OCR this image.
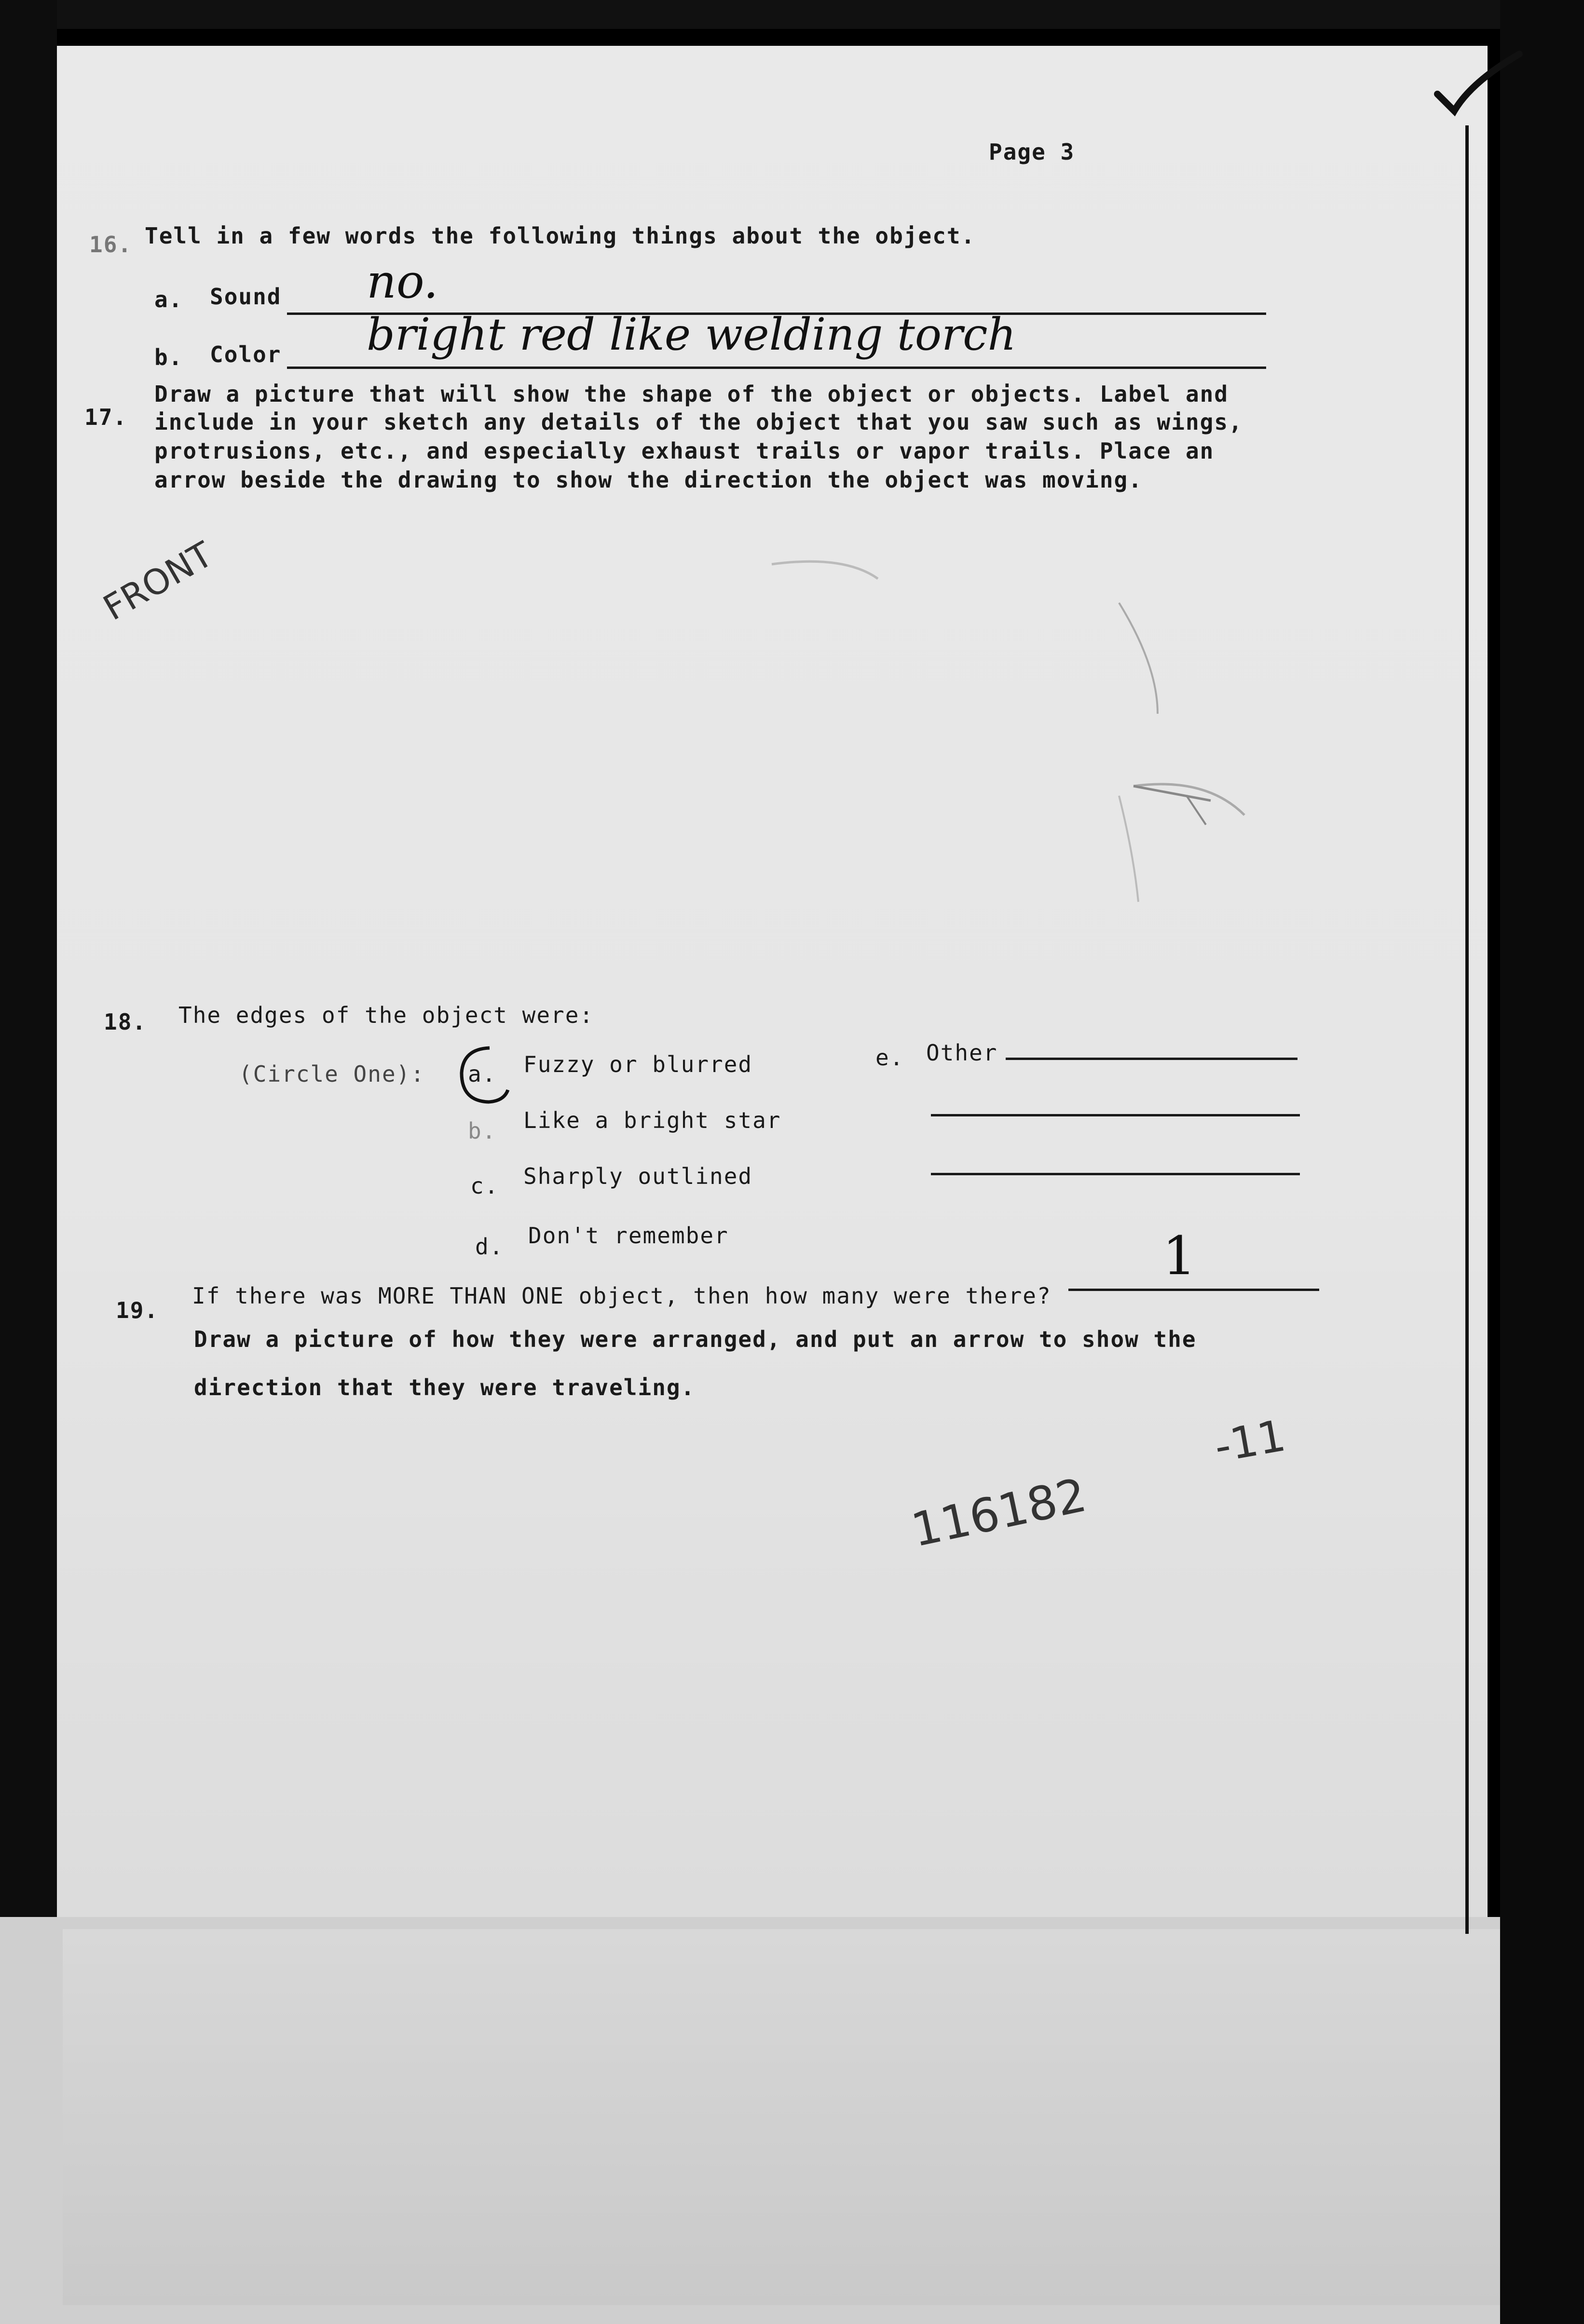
Page 3
16. Tell in a few words the following things about the object.
a. Sound no.
b. Color bright red like welding torch
17.
Draw a picture that will show the shape of the object or objects. Label and
include in your sketch any details of the object that you saw such as wings,
protrusions, etc., and especially exhaust trails or vapor trails. Place an
arrow beside the drawing to show the direction the object was moving.
FRONT
18. The edges of the object were:
(Circle One): a. Fuzzy or blurred
b. Like a bright star
c. Sharply outlined
d. Don't remember
e. Other
19.
If there was MORE THAN ONE object, then how many were there?
1
Draw a picture of how they were arranged, and put an arrow to show the
direction that they were traveling.
116182
-11
